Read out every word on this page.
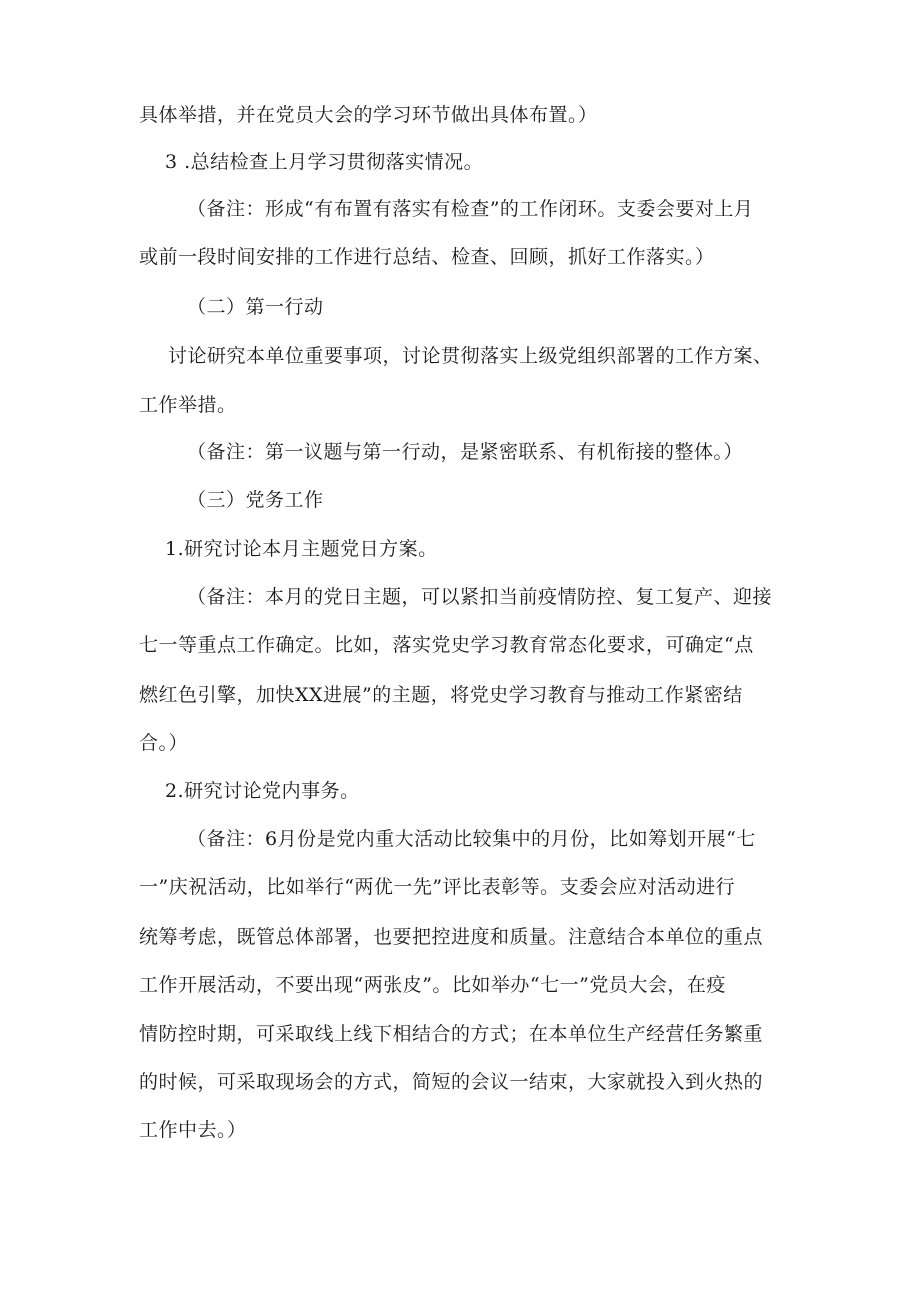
具体举措，并在党员大会的学习环节做出具体布置。）

3 .总结检查上月学习贯彻落实情况。

（备注：形成“有布置有落实有检查”的工作闭环。支委会要对上月

或前一段时间安排的工作进行总结、检查、回顾，抓好工作落实。）

（二）第一行动

讨论研究本单位重要事项，讨论贯彻落实上级党组织部署的工作方案、

工作举措。

（备注：第一议题与第一行动，是紧密联系、有机衔接的整体。）

（三）党务工作

1.研究讨论本月主题党日方案。

（备注：本月的党日主题，可以紧扣当前疫情防控、复工复产、迎接

七一等重点工作确定。比如，落实党史学习教育常态化要求，可确定“点

燃红色引擎，加快XX进展”的主题，将党史学习教育与推动工作紧密结

合。）

2.研究讨论党内事务。

（备注：6月份是党内重大活动比较集中的月份，比如筹划开展“七

一”庆祝活动，比如举行“两优一先”评比表彰等。支委会应对活动进行

统筹考虑，既管总体部署，也要把控进度和质量。注意结合本单位的重点

工作开展活动，不要出现“两张皮”。比如举办“七一”党员大会，在疫

情防控时期，可采取线上线下相结合的方式；在本单位生产经营任务繁重

的时候，可采取现场会的方式，简短的会议一结束，大家就投入到火热的

工作中去。）
